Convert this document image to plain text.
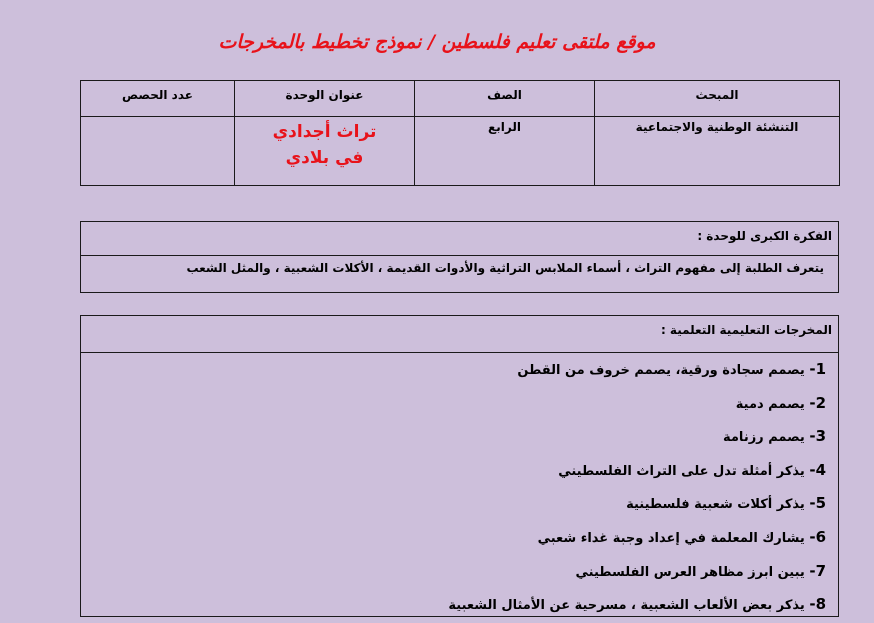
موقع ملتقى تعليم فلسطين / نموذج تخطيط بالمخرجات
المبحث	الصف	عنوان الوحدة	عدد الحصص
التنشئة الوطنية والاجتماعية	الرابع	تراث أجدادي
في بلادي	

الفكرة الكبرى للوحدة :
يتعرف الطلبة إلى مفهوم التراث ، أسماء الملابس التراثية والأدوات القديمة ، الأكلات الشعبية ، والمثل الشعب
المخرجات التعليمية التعلمية :
1- يصمم سجادة ورقية، يصمم خروف من القطن
2- يصمم دمية
3- يصمم رزنامة
4- يذكر أمثلة تدل على التراث الفلسطيني
5- يذكر أكلات شعبية فلسطينية
6- يشارك المعلمة في إعداد وجبة غداء شعبي
7- يبين ابرز مظاهر العرس الفلسطيني
8- يذكر بعض الألعاب الشعبية ، مسرحية عن الأمثال الشعبية
